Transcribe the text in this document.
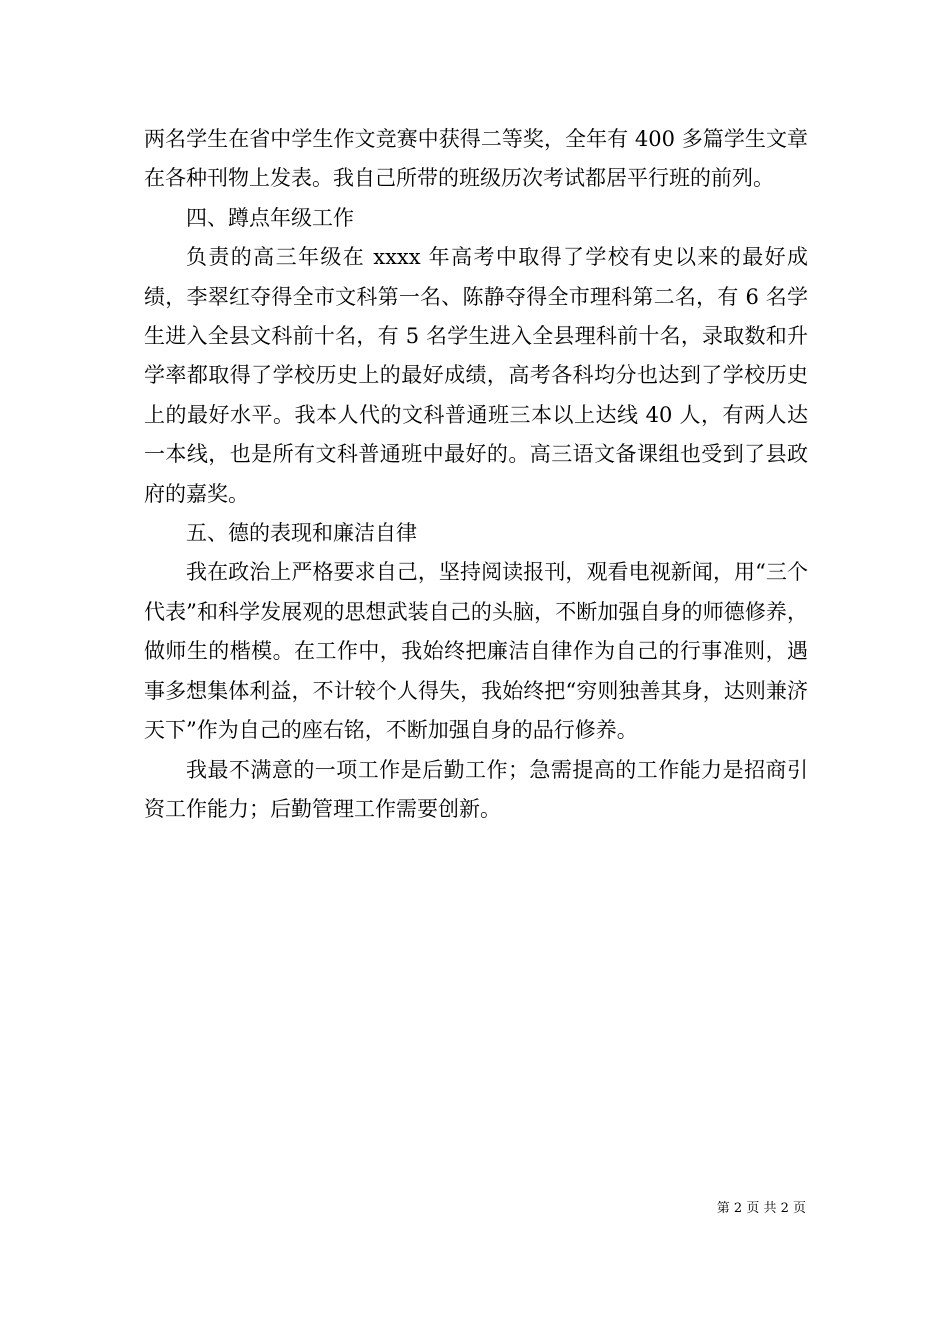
两名学生在省中学生作文竞赛中获得二等奖，全年有 400 多篇学生文章在各种刊物上发表。我自己所带的班级历次考试都居平行班的前列。

四、蹲点年级工作

负责的高三年级在 xxxx 年高考中取得了学校有史以来的最好成绩，李翠红夺得全市文科第一名、陈静夺得全市理科第二名，有 6 名学生进入全县文科前十名，有 5 名学生进入全县理科前十名，录取数和升学率都取得了学校历史上的最好成绩，高考各科均分也达到了学校历史上的最好水平。我本人代的文科普通班三本以上达线 40 人，有两人达一本线，也是所有文科普通班中最好的。高三语文备课组也受到了县政府的嘉奖。

五、德的表现和廉洁自律

我在政治上严格要求自己，坚持阅读报刊，观看电视新闻，用“三个代表”和科学发展观的思想武装自己的头脑，不断加强自身的师德修养，做师生的楷模。在工作中，我始终把廉洁自律作为自己的行事准则，遇事多想集体利益，不计较个人得失，我始终把“穷则独善其身，达则兼济天下”作为自己的座右铭，不断加强自身的品行修养。

我最不满意的一项工作是后勤工作；急需提高的工作能力是招商引资工作能力；后勤管理工作需要创新。

第 2 页 共 2 页
